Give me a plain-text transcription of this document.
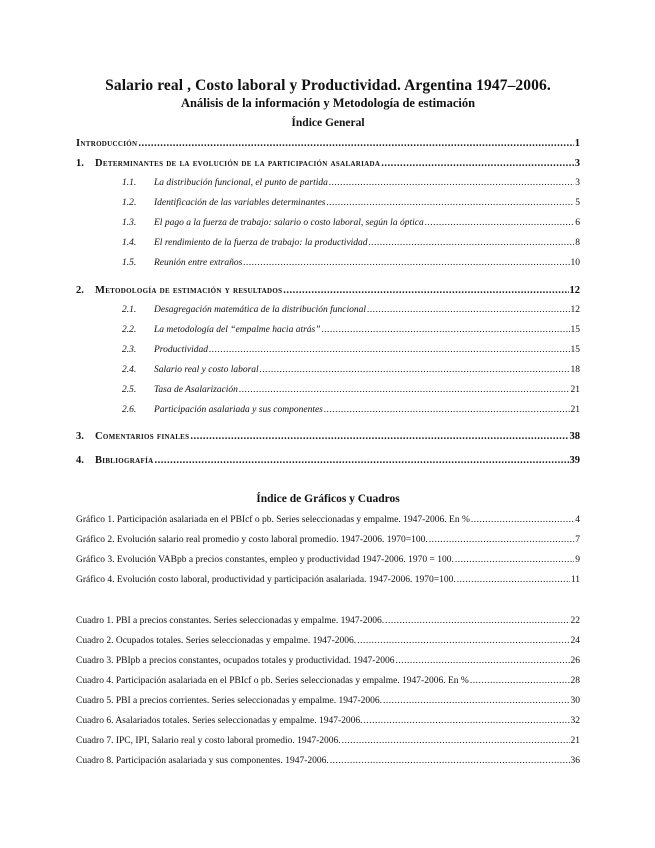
Salario real , Costo laboral y Productividad. Argentina 1947–2006.
Análisis de la información y Metodología de estimación
Índice General
Introducción .....	1
1.	Determinantes de la evolución de la participación asalariada .....	3
1.1.	La distribución funcional, el punto de partida .....	3
1.2.	Identificación de las variables determinantes .....	5
1.3.	El pago a la fuerza de trabajo: salario o costo laboral, según la óptica .....	6
1.4.	El rendimiento de la fuerza de trabajo: la productividad .....	8
1.5.	Reunión entre extraños .....	10
2.	Metodología de estimación y resultados .....	12
2.1.	Desagregación matemática de la distribución funcional .....	12
2.2.	La metodología del “empalme hacia atrás” .....	15
2.3.	Productividad .....	15
2.4.	Salario real y costo laboral .....	18
2.5.	Tasa de Asalarización .....	21
2.6.	Participación asalariada y sus componentes .....	21
3.	Comentarios finales .....	38
4.	Bibliografía .....	39
Índice de Gráficos y Cuadros
Gráfico 1. Participación asalariada en el PBIcf o pb. Series seleccionadas y empalme. 1947-2006. En % .....	4
Gráfico 2. Evolución salario real promedio y costo laboral promedio. 1947-2006. 1970=100. .....	7
Gráfico 3. Evolución VABpb a precios constantes, empleo y productividad 1947-2006. 1970 = 100. .....	9
Gráfico 4. Evolución costo laboral, productividad y participación asalariada. 1947-2006. 1970=100. .....	11
Cuadro 1. PBI a precios constantes. Series seleccionadas y empalme. 1947-2006. .....	22
Cuadro 2. Ocupados totales. Series seleccionadas y empalme. 1947-2006. .....	24
Cuadro 3. PBIpb a precios constantes, ocupados totales y productividad. 1947-2006 .....	26
Cuadro 4. Participación asalariada en el PBIcf o pb. Series seleccionadas y empalme. 1947-2006. En % .....	28
Cuadro 5. PBI a precios corrientes. Series seleccionadas y empalme. 1947-2006. .....	30
Cuadro 6. Asalariados totales. Series seleccionadas y empalme. 1947-2006. .....	32
Cuadro 7. IPC, IPI, Salario real y costo laboral promedio. 1947-2006. .....	21
Cuadro 8. Participación asalariada y sus componentes. 1947-2006. .....	36
